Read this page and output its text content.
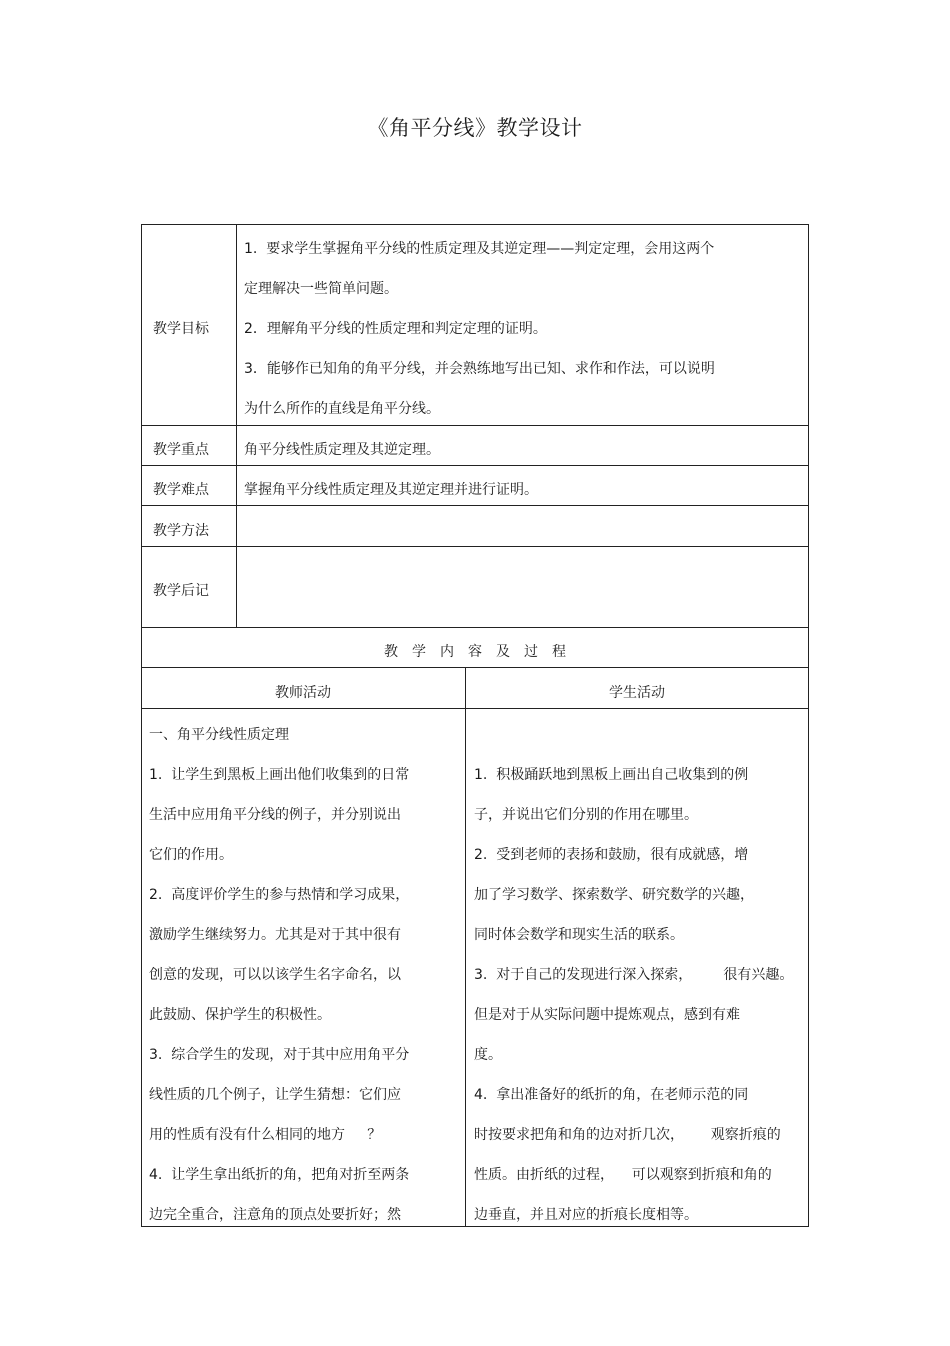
《角平分线》教学设计
教学目标
教学重点
教学难点
教学方法
教学后记
1.  要求学生掌握角平分线的性质定理及其逆定理——判定定理，会用这两个
定理解决一些简单问题。
2．理解角平分线的性质定理和判定定理的证明。
3．能够作已知角的角平分线，并会熟练地写出已知、求作和作法，可以说明
为什么所作的直线是角平分线。
角平分线性质定理及其逆定理。
掌握角平分线性质定理及其逆定理并进行证明。
教　学　内　容　及　过　程
教师活动	学生活动
一、角平分线性质定理
1.  让学生到黑板上画出他们收集到的日常
生活中应用角平分线的例子，并分别说出
它们的作用。
2.  高度评价学生的参与热情和学习成果，
激励学生继续努力。尤其是对于其中很有
创意的发现，可以以该学生名字命名，以
此鼓励、保护学生的积极性。
3.  综合学生的发现，对于其中应用角平分
线性质的几个例子，让学生猜想：它们应
用的性质有没有什么相同的地方     ？
4.  让学生拿出纸折的角，把角对折至两条
边完全重合，注意角的顶点处要折好；然
1.  积极踊跃地到黑板上画出自己收集到的例
子，并说出它们分别的作用在哪里。
2.  受到老师的表扬和鼓励，很有成就感，增
加了学习数学、探索数学、研究数学的兴趣，
同时体会数学和现实生活的联系。
3.  对于自己的发现进行深入探索，       很有兴趣。
但是对于从实际问题中提炼观点，感到有难
度。
4.  拿出准备好的纸折的角，在老师示范的同
时按要求把角和角的边对折几次，      观察折痕的
性质。由折纸的过程，    可以观察到折痕和角的
边垂直，并且对应的折痕长度相等。
